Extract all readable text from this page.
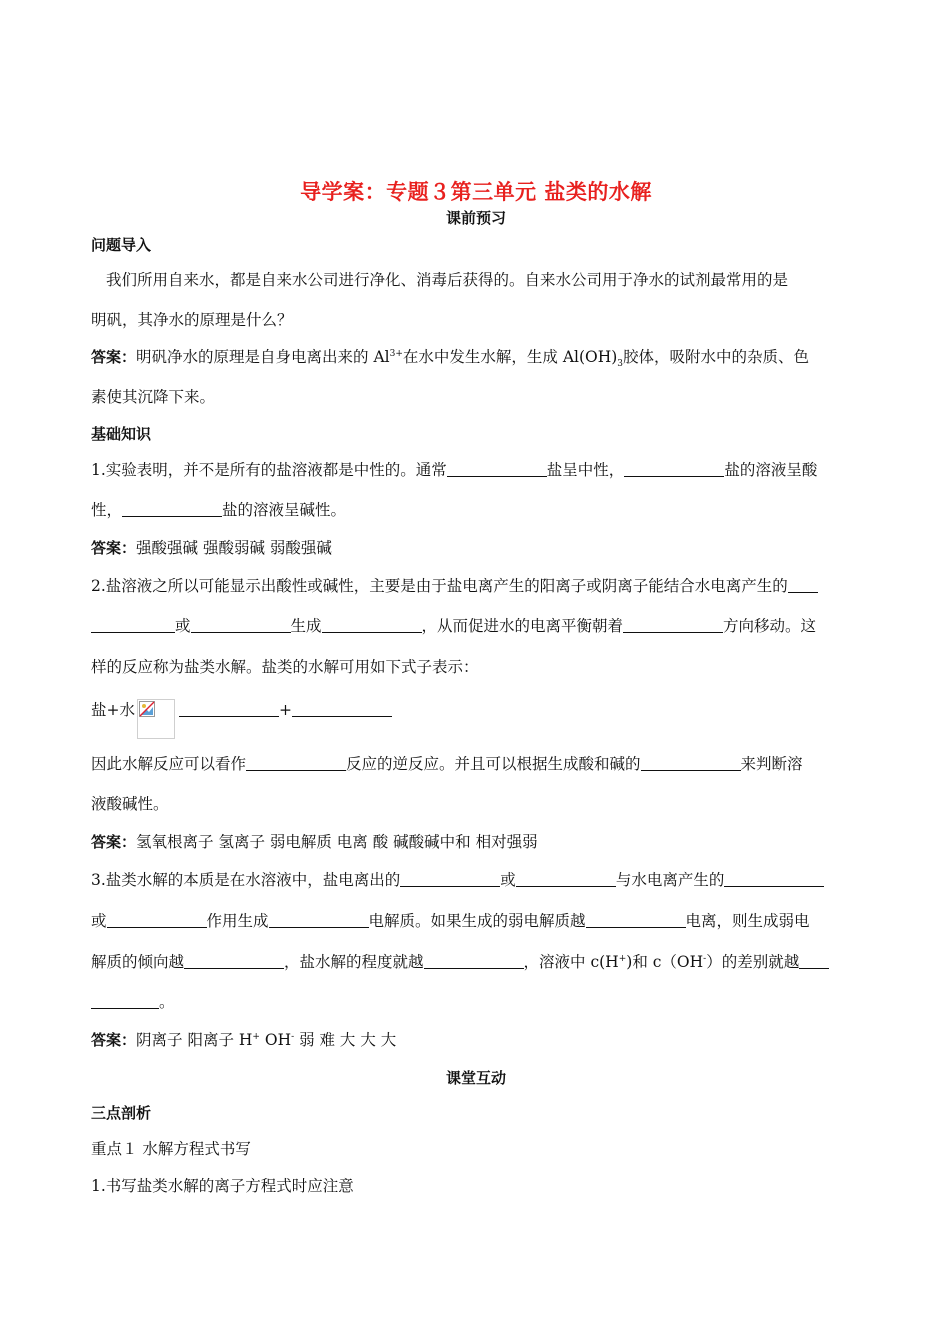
导学案：专题３第三单元 盐类的水解
课前预习
问题导入
我们所用自来水，都是自来水公司进行净化、消毒后获得的。自来水公司用于净水的试剂最常用的是
明矾，其净水的原理是什么？
答案：明矾净水的原理是自身电离出来的 $Al^{3+}$在水中发生水解，生成 $Al(OH)_3$胶体，吸附水中的杂质、色
素使其沉降下来。
基础知识
1.实验表明，并不是所有的盐溶液都是中性的。通常	盐呈中性，	盐的溶液呈酸
性，	盐的溶液呈碱性。
答案：强酸强碱 强酸弱碱 弱酸强碱
2.盐溶液之所以可能显示出酸性或碱性，主要是由于盐电离产生的阳离子或阴离子能结合水电离产生的
或	生成	，从而促进水的电离平衡朝着	方向移动。这
样的反应称为盐类水解。盐类的水解可用如下式子表示：
盐+水	+
因此水解反应可以看作	反应的逆反应。并且可以根据生成酸和碱的	来判断溶
液酸碱性。
答案：氢氧根离子 氢离子 弱电解质 电离 酸 碱酸碱中和 相对强弱
3.盐类水解的本质是在水溶液中，盐电离出的	或	与水电离产生的
或	作用生成	电解质。如果生成的弱电解质越	电离，则生成弱电
解质的倾向越	，盐水解的程度就越	，溶液中 c(H+)和 c（OH-）的差别就越
。
答案：阴离子 阳离子 H+ OH- 弱 难 大 大 大
课堂互动
三点剖析
重点１ 水解方程式书写
1.书写盐类水解的离子方程式时应注意
